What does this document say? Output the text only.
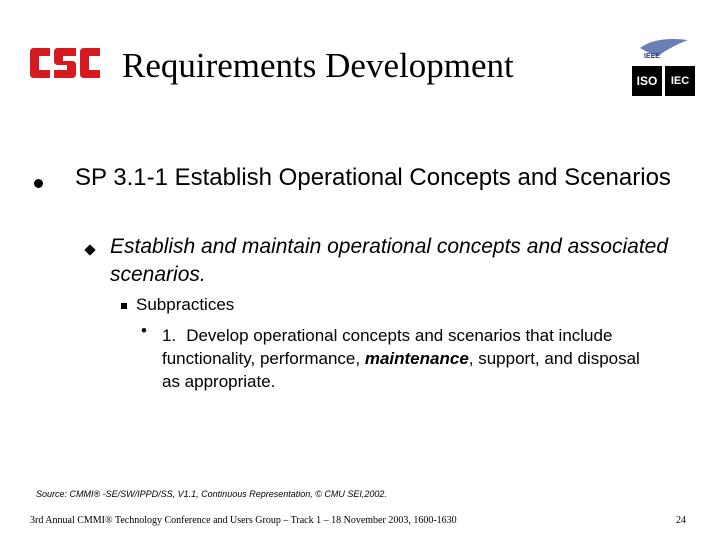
Requirements Development	IEEE
ISO	IEC
SP 3.1-1 Establish Operational Concepts and Scenarios
Establish and maintain operational concepts and associated scenarios.
Subpractices
• 1. Develop operational concepts and scenarios that include functionality, performance, maintenance, support, and disposal as appropriate.
Source: CMMI® -SE/SW/IPPD/SS, V1.1, Continuous Representation, © CMU SEI,2002.
3rd Annual CMMI® Technology Conference and Users Group – Track 1 – 18 November 2003, 1600-1630	24
